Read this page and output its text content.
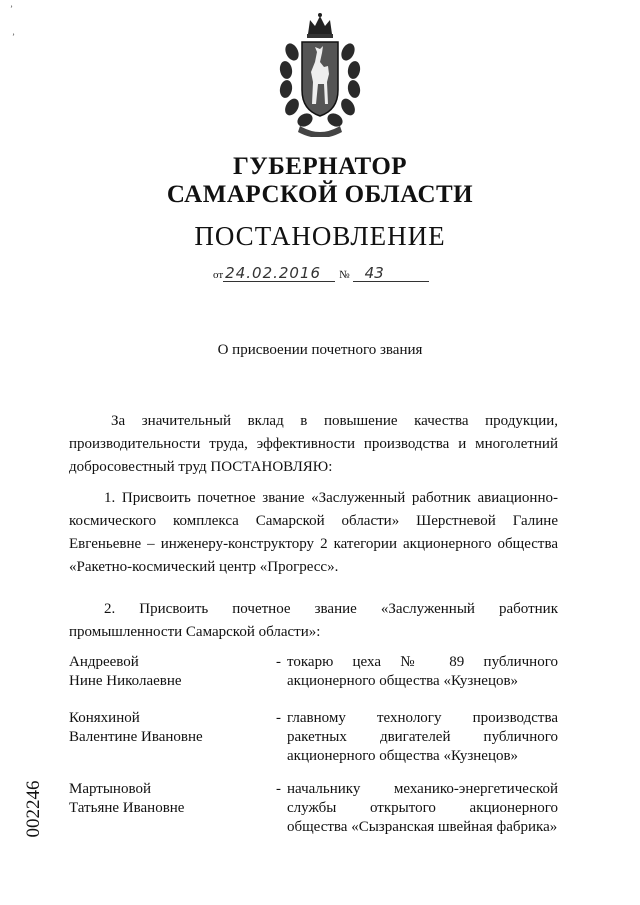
ʼ
ʼ
ГУБЕРНАТОР
САМАРСКОЙ ОБЛАСТИ
ПОСТАНОВЛЕНИЕ
от 24.02.2016 № 43
О присвоении почетного звания

За значительный вклад в повышение качества продукции, производительности труда, эффективности производства и многолетний добросовестный труд ПОСТАНОВЛЯЮ:

1. Присвоить почетное звание «Заслуженный работник авиационно-космического комплекса Самарской области» Шерстневой Галине Евгеньевне – инженеру-конструктору 2 категории акционерного общества «Ракетно-космический центр «Прогресс».

2. Присвоить почетное звание «Заслуженный работник промышленности Самарской области»:

Андреевой
Нине Николаевне
- токарю цеха № 89 публичного акционерного общества «Кузнецов»
Коняхиной
Валентине Ивановне
- главному технологу производства ракетных двигателей публичного акционерного общества «Кузнецов»
Мартыновой
Татьяне Ивановне
- начальнику механико-энергетической службы открытого акционерного общества «Сызранская швейная фабрика»
002246
